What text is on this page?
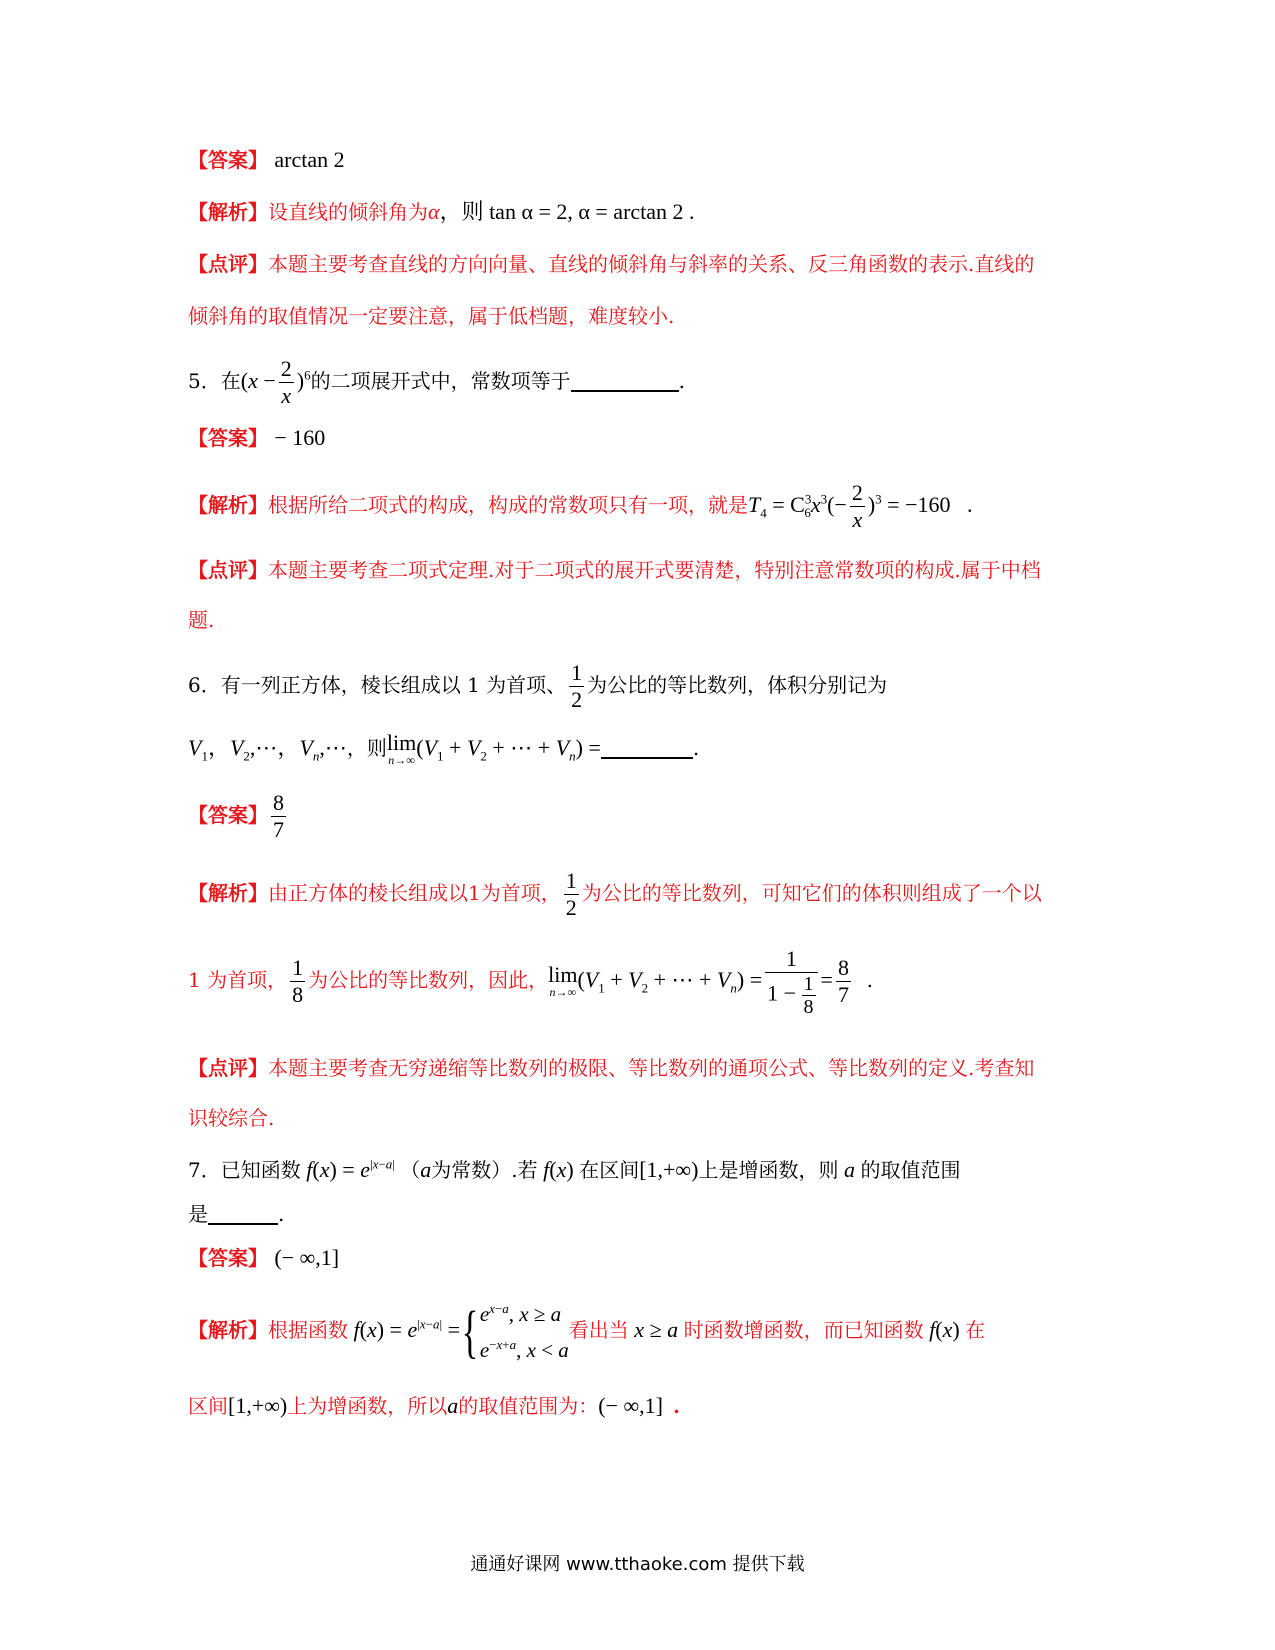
【答案】 arctan 2
【解析】设直线的倾斜角为α，则 tan α = 2, α = arctan 2 .
【点评】本题主要考查直线的方向向量、直线的倾斜角与斜率的关系、反三角函数的表示.直线的
倾斜角的取值情况一定要注意，属于低档题，难度较小.
5．在$(x - \frac{2}{x} )^6$的二项展开式中，常数项等于	.
【答案】 − 160
【解析】根据所给二项式的构成，构成的常数项只有一项，就是$T_4 = C^3_6x^3(- \frac{2}{x} )^3 = -160$   .
【点评】本题主要考查二项式定理.对于二项式的展开式要清楚，特别注意常数项的构成.属于中档
题.
6．有一列正方体，棱长组成以 1 为首项、 $\frac{1}{2}$ 为公比的等比数列，体积分别记为
$V_1$，$V_2,\cdots$，$V_n,\cdots$，则 lim
n→∞ ($V_1 + V_2$ + ⋯ + $V_n$) =	.
【答案】 $\frac{8}{7}$
【解析】由正方体的棱长组成以1为首项， $\frac{1}{2}$ 为公比的等比数列，可知它们的体积则组成了一个以
1 为首项， $\frac{1}{8}$ 为公比的等比数列，因此， lim
n→∞ ($V_1 + V_2$ + ⋯ + $V_n) = \frac{1}{1 - \frac{1}{8}} = \frac{8}{7}$ .
【点评】本题主要考查无穷递缩等比数列的极限、等比数列的通项公式、等比数列的定义.考查知
识较综合.
7．已知函数 $f(x) = e^{|x-a|}$ （a为常数）.若 f(x) 在区间[1,+∞)上是增函数，则 a 的取值范围
是	.
【答案】 (− ∞,1]
【解析】根据函数 $f(x) = e^{|x-a|}$ ={ $e^{x-a}$, x ≥ a
$e^{-x+a}$, x < a
看出当 x ≥ a 时函数增函数，而已知函数 f(x) 在
区间[1,+∞)上为增函数，所以a的取值范围为：(− ∞,1] .
通通好课网 www.tthaoke.com 提供下载
